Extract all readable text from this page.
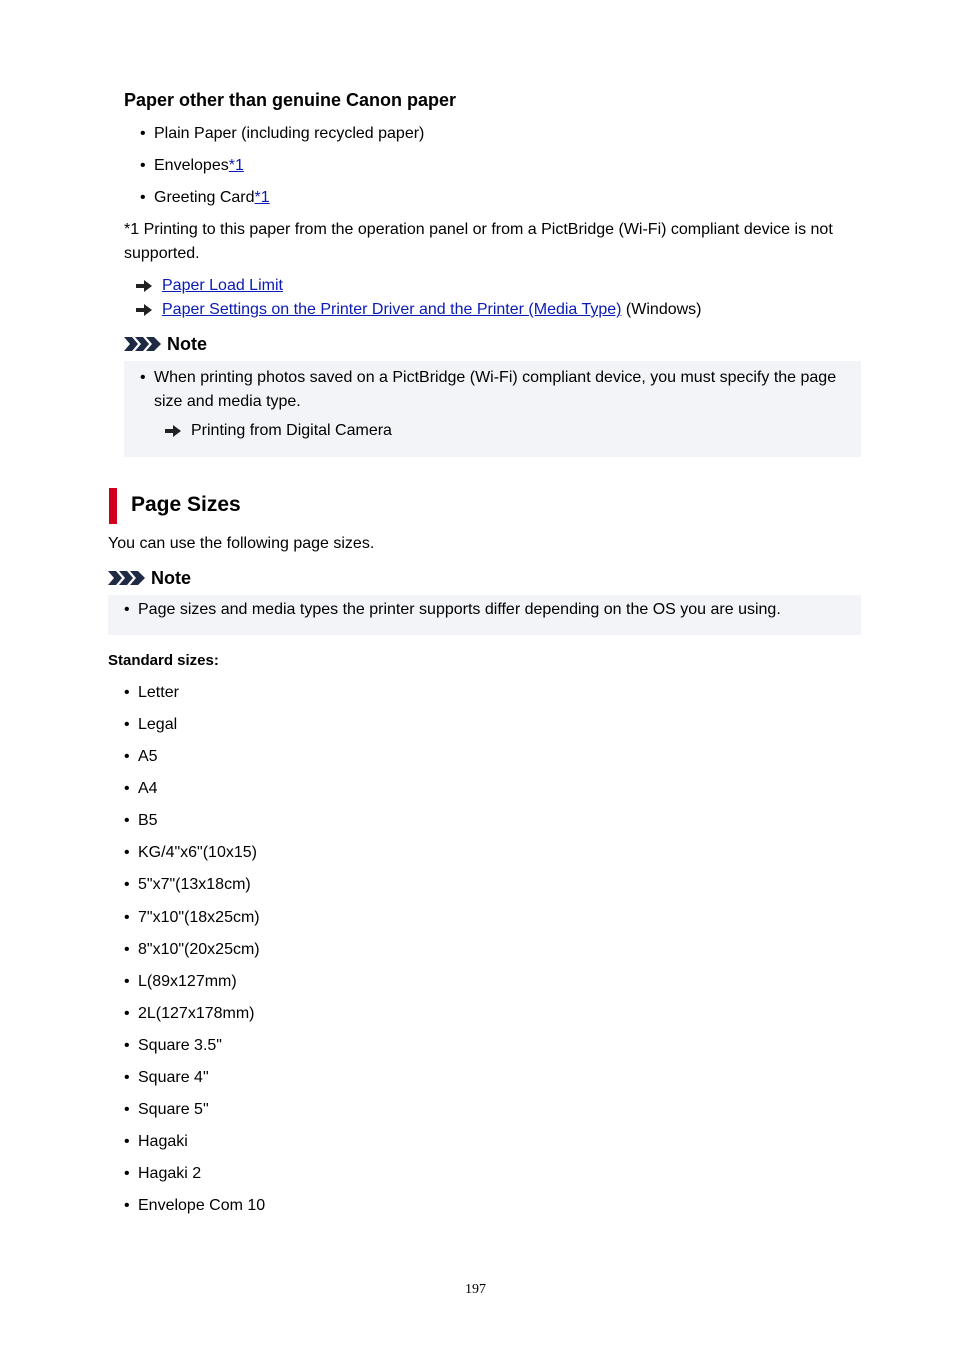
Paper other than genuine Canon paper
• Plain Paper (including recycled paper)
• Envelopes*1
• Greeting Card*1
*1 Printing to this paper from the operation panel or from a PictBridge (Wi-Fi) compliant device is not supported.
Paper Load Limit
Paper Settings on the Printer Driver and the Printer (Media Type) (Windows)
Note
• When printing photos saved on a PictBridge (Wi-Fi) compliant device, you must specify the page size and media type.
Printing from Digital Camera
Page Sizes
You can use the following page sizes.
Note
• Page sizes and media types the printer supports differ depending on the OS you are using.
Standard sizes:
• Letter
• Legal
• A5
• A4
• B5
• KG/4"x6"(10x15)
• 5"x7"(13x18cm)
• 7"x10"(18x25cm)
• 8"x10"(20x25cm)
• L(89x127mm)
• 2L(127x178mm)
• Square 3.5"
• Square 4"
• Square 5"
• Hagaki
• Hagaki 2
• Envelope Com 10
197
